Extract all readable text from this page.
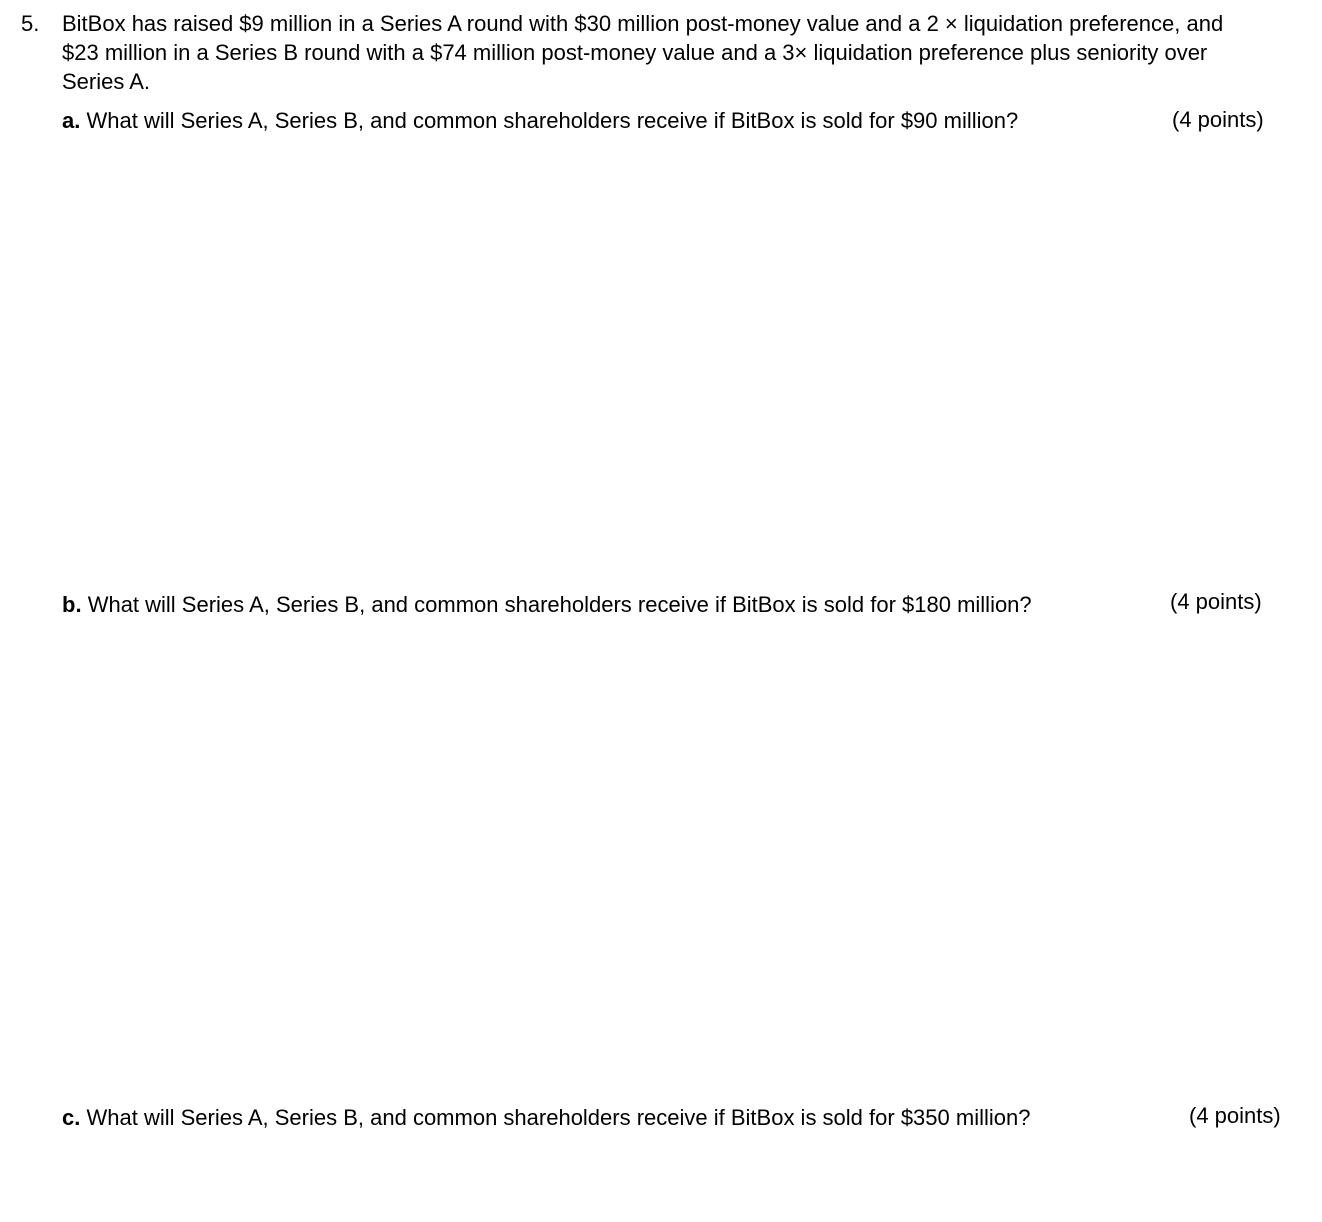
5. BitBox has raised $9 million in a Series A round with $30 million post-money value and a 2 × liquidation preference, and
$23 million in a Series B round with a $74 million post-money value and a 3× liquidation preference plus seniority over
Series A.
a. What will Series A, Series B, and common shareholders receive if BitBox is sold for $90 million?	(4 points)
b. What will Series A, Series B, and common shareholders receive if BitBox is sold for $180 million?	(4 points)
c. What will Series A, Series B, and common shareholders receive if BitBox is sold for $350 million?	(4 points)
